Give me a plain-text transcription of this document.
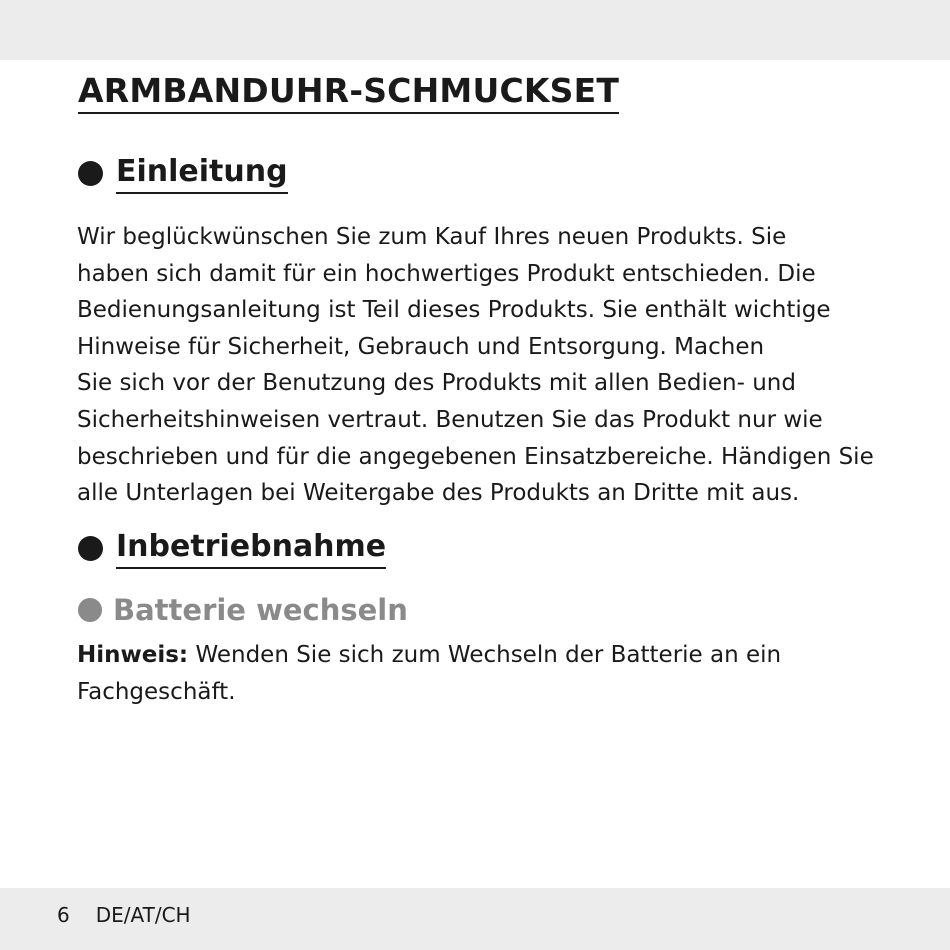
ARMBANDUHR-SCHMUCKSET
Einleitung

Wir beglückwünschen Sie zum Kauf Ihres neuen Produkts. Sie
haben sich damit für ein hochwertiges Produkt entschieden. Die
Bedienungsanleitung ist Teil dieses Produkts. Sie enthält wichtige
Hinweise für Sicherheit, Gebrauch und Entsorgung. Machen
Sie sich vor der Benutzung des Produkts mit allen Bedien- und
Sicherheitshinweisen vertraut. Benutzen Sie das Produkt nur wie
beschrieben und für die angegebenen Einsatzbereiche. Händigen Sie
alle Unterlagen bei Weitergabe des Produkts an Dritte mit aus.

Inbetriebnahme
Batterie wechseln

Hinweis: Wenden Sie sich zum Wechseln der Batterie an ein
Fachgeschäft.

6 DE/AT/CH
